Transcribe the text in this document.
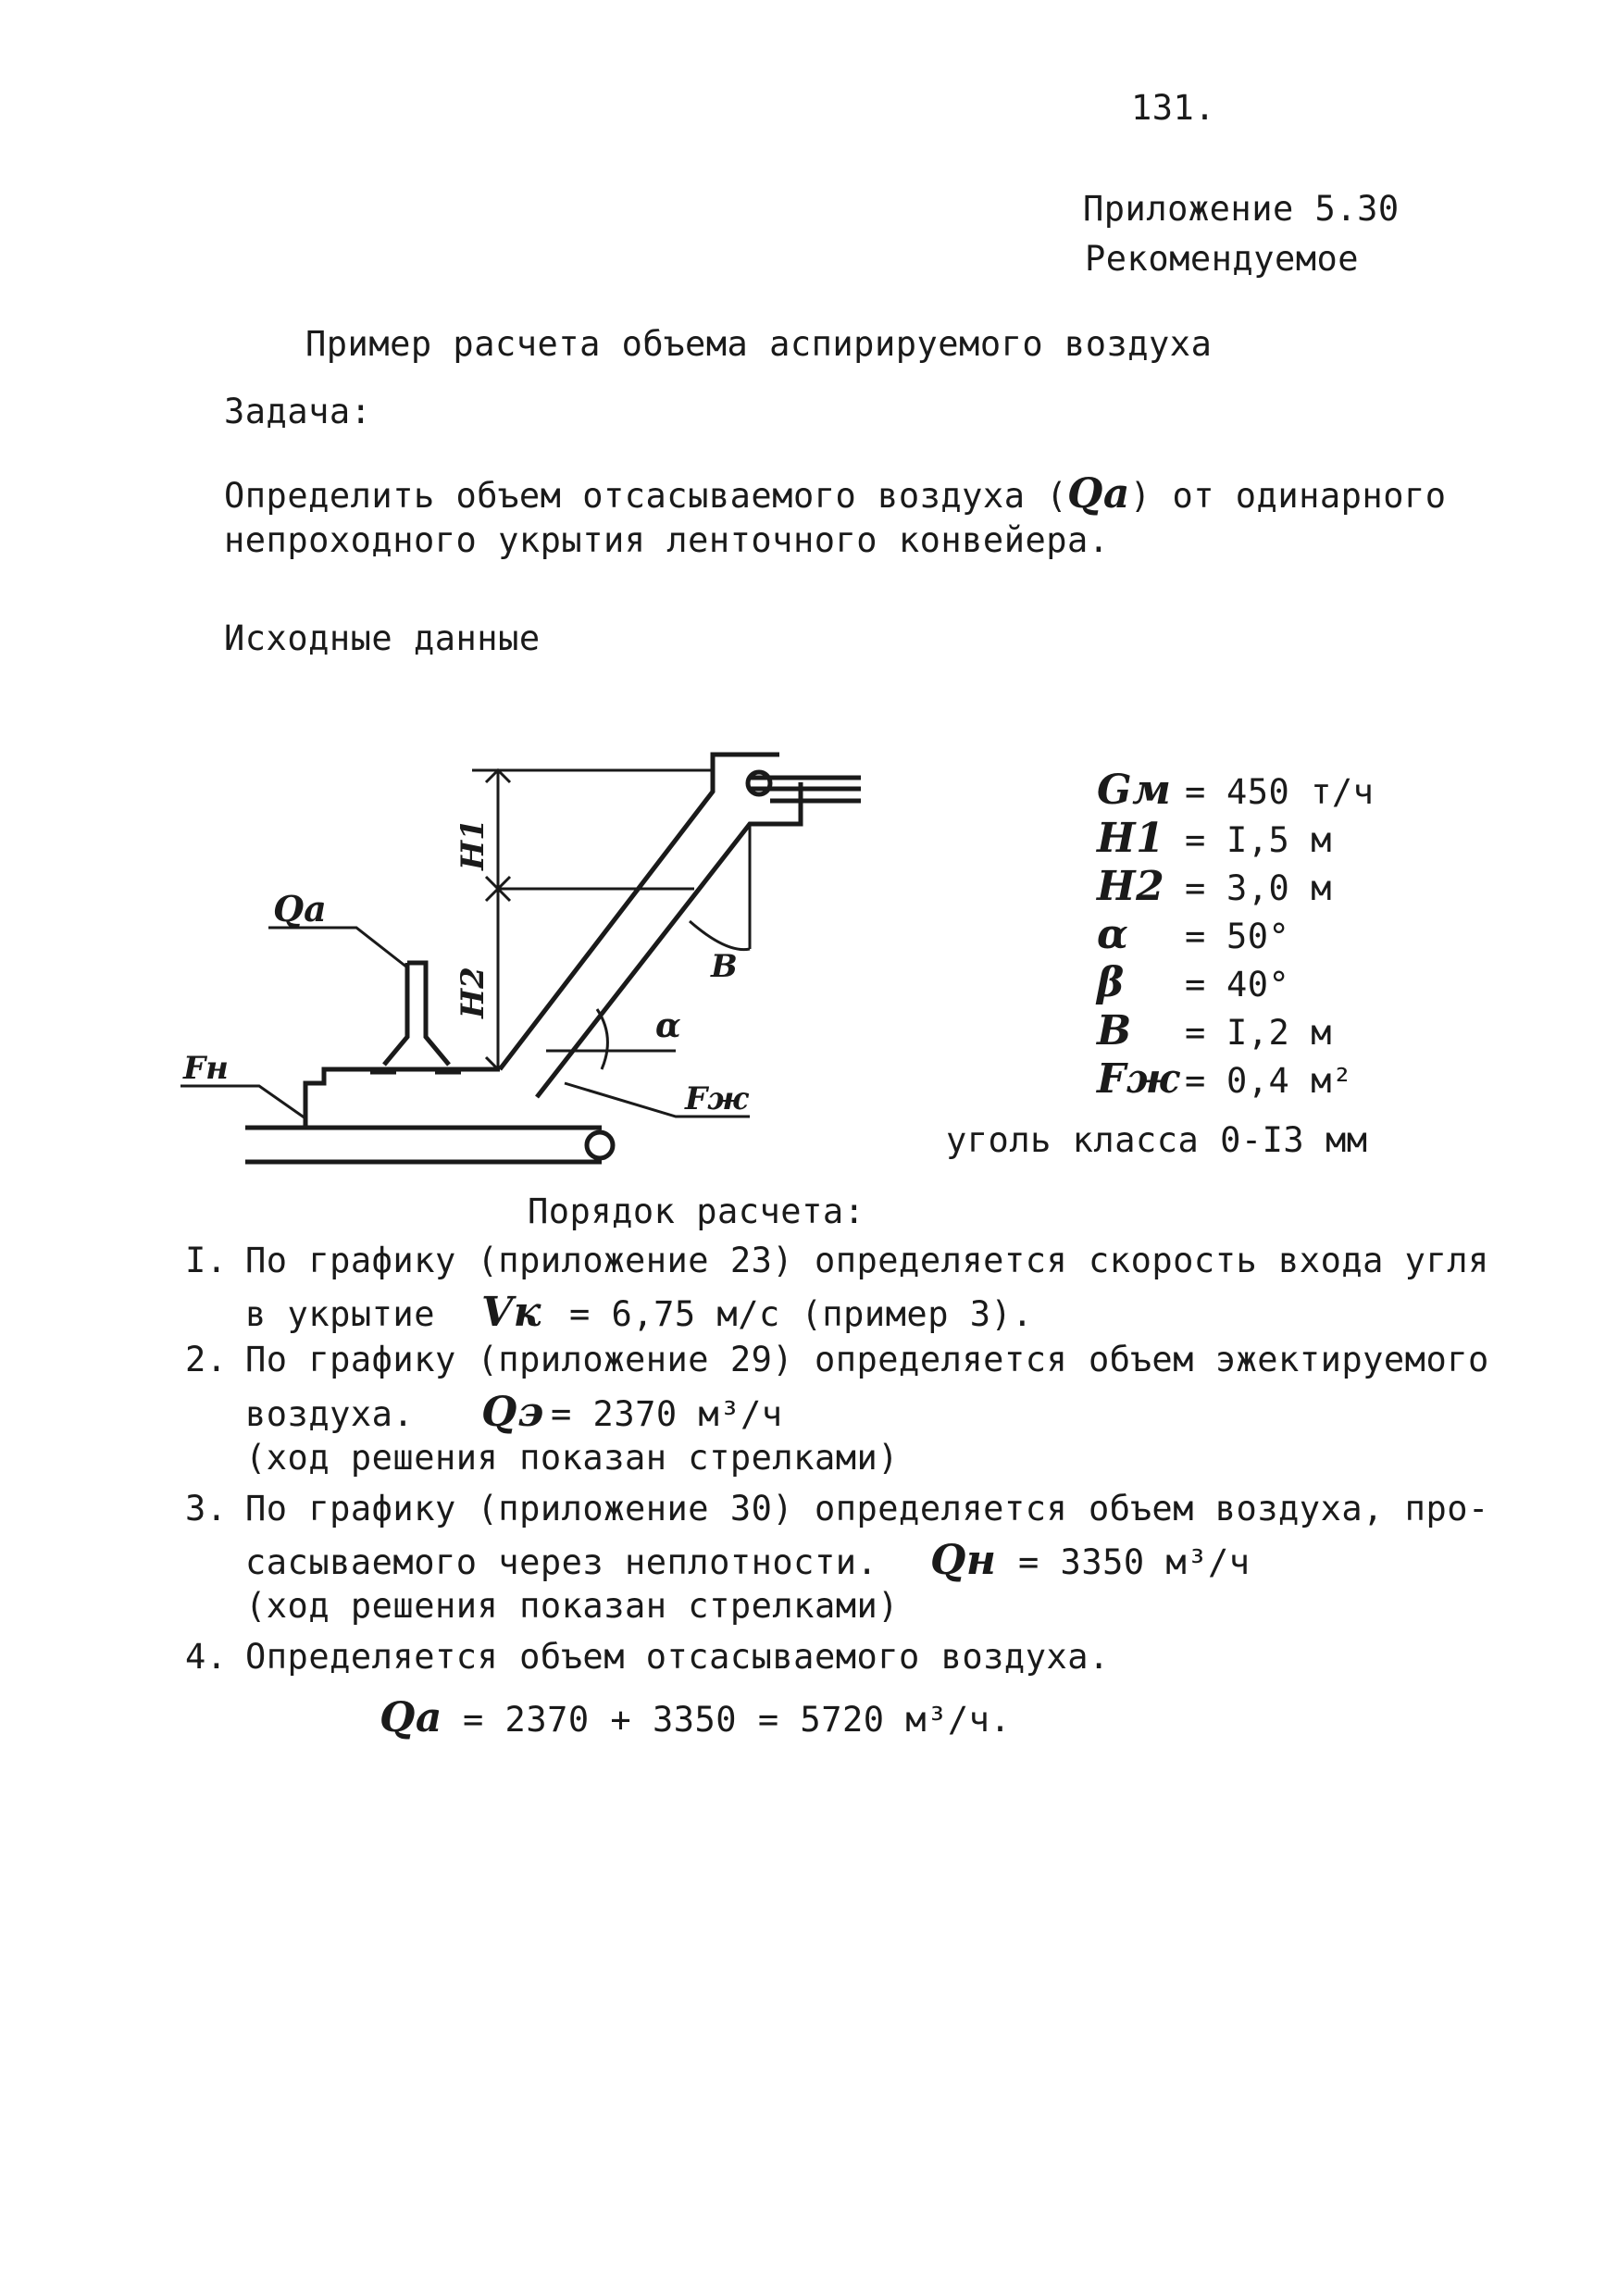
131.
Приложение 5.30
Рекомендуемое
Пример расчета объема аспирируемого воздуха
Задача:
Определить объем отсасываемого воздуха (Qa) от одинарного
непроходного укрытия ленточного конвейера.
Исходные данные
Qa
H1
H2
B
α
Fн
Fж
Gм = 450 т/ч
H1 = I,5 м
H2 = 3,0 м
α = 50°
β = 40°
B = I,2 м
Fж = 0,4 м²
уголь класса 0-I3 мм
Порядок расчета:
I. По графику (приложение 23) определяется скорость входа угля
в укрытие Vк = 6,75 м/с (пример 3).
2. По графику (приложение 29) определяется объем эжектируемого
воздуха. Qэ = 2370 м³/ч
(ход решения показан стрелками)
3. По графику (приложение 30) определяется объем воздуха, про-
сасываемого через неплотности. Qн = 3350 м³/ч
(ход решения показан стрелками)
4. Определяется объем отсасываемого воздуха.
Qa = 2370 + 3350 = 5720 м³/ч.
